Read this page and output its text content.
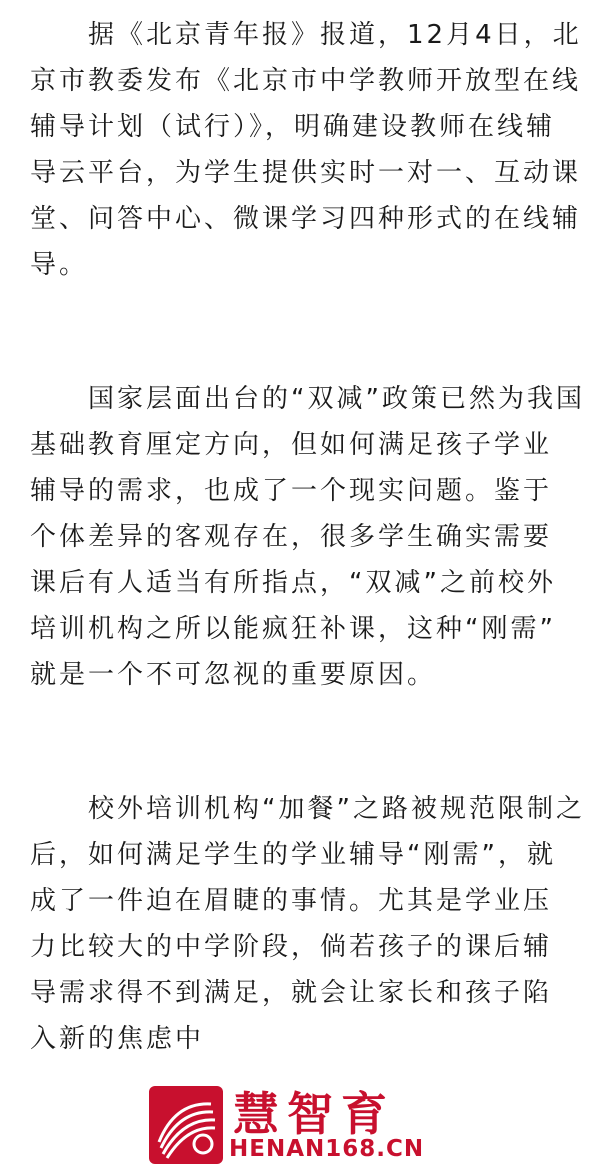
　　据《北京青年报》报道，12月4日，北
京市教委发布《北京市中学教师开放型在线
辅导计划（试行）》，明确建设教师在线辅
导云平台，为学生提供实时一对一、互动课
堂、问答中心、微课学习四种形式的在线辅
导。

　　国家层面出台的“双减”政策已然为我国
基础教育厘定方向，但如何满足孩子学业
辅导的需求，也成了一个现实问题。鉴于
个体差异的客观存在，很多学生确实需要
课后有人适当有所指点，“双减”之前校外
培训机构之所以能疯狂补课，这种“刚需”
就是一个不可忽视的重要原因。

　　校外培训机构“加餐”之路被规范限制之
后，如何满足学生的学业辅导“刚需”，就
成了一件迫在眉睫的事情。尤其是学业压
力比较大的中学阶段，倘若孩子的课后辅
导需求得不到满足，就会让家长和孩子陷
入新的焦虑中

慧智育
HENAN168.CN
